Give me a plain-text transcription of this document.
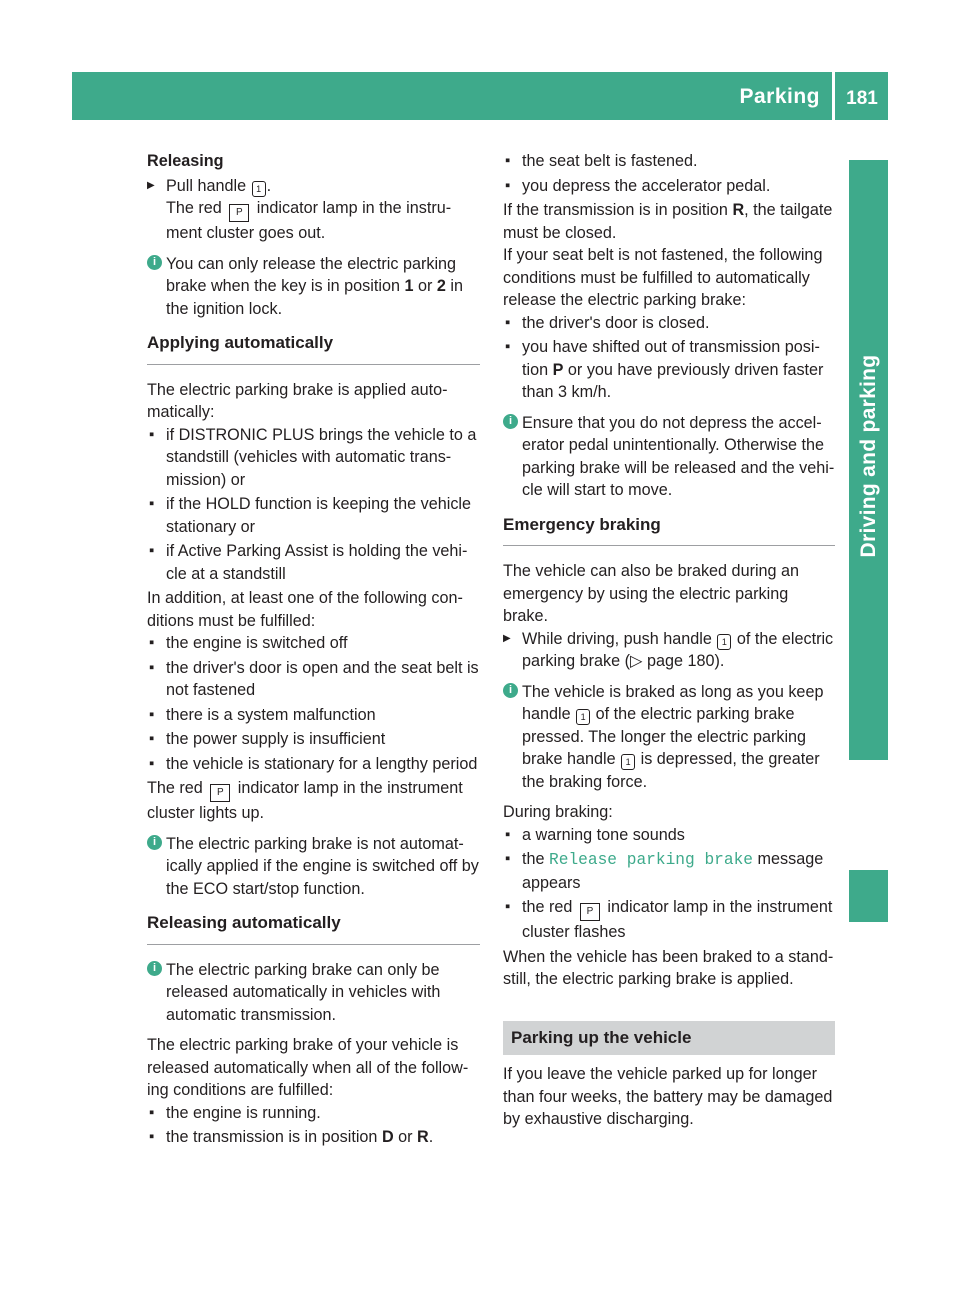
Parking 181
Driving and parking

Releasing

▶ Pull handle 1 .
The red P indicator lamp in the instrument cluster goes out.
i You can only release the electric parking brake when the key is in position 1 or 2 in the ignition lock.
Applying automatically

The electric parking brake is applied automatically:

▪ if DISTRONIC PLUS brings the vehicle to a standstill (vehicles with automatic transmission) or
▪ if the HOLD function is keeping the vehicle stationary or
▪ if Active Parking Assist is holding the vehicle at a standstill

In addition, at least one of the following conditions must be fulfilled:

▪ the engine is switched off
▪ the driver's door is open and the seat belt is not fastened
▪ there is a system malfunction
▪ the power supply is insufficient
▪ the vehicle is stationary for a lengthy period

The red P indicator lamp in the instrument cluster lights up.

i The electric parking brake is not automatically applied if the engine is switched off by the ECO start/stop function.
Releasing automatically
i The electric parking brake can only be released automatically in vehicles with automatic transmission.

The electric parking brake of your vehicle is released automatically when all of the following conditions are fulfilled:

▪ the engine is running.
▪ the transmission is in position D or R.
▪ the seat belt is fastened.
▪ you depress the accelerator pedal.

If the transmission is in position R, the tailgate must be closed.

If your seat belt is not fastened, the following conditions must be fulfilled to automatically release the electric parking brake:

▪ the driver's door is closed.
▪ you have shifted out of transmission position P or you have previously driven faster than 3 km/h.
i Ensure that you do not depress the accelerator pedal unintentionally. Otherwise the parking brake will be released and the vehicle will start to move.
Emergency braking

The vehicle can also be braked during an emergency by using the electric parking brake.

▶ While driving, push handle 1 of the electric parking brake (▷ page 180).
i The vehicle is braked as long as you keep handle 1 of the electric parking brake pressed. The longer the electric parking brake handle 1 is depressed, the greater the braking force.

During braking:

▪ a warning tone sounds
▪ the Release parking brake message appears
▪ the red P indicator lamp in the instrument cluster flashes

When the vehicle has been braked to a standstill, the electric parking brake is applied.

Parking up the vehicle

If you leave the vehicle parked up for longer than four weeks, the battery may be damaged by exhaustive discharging.
